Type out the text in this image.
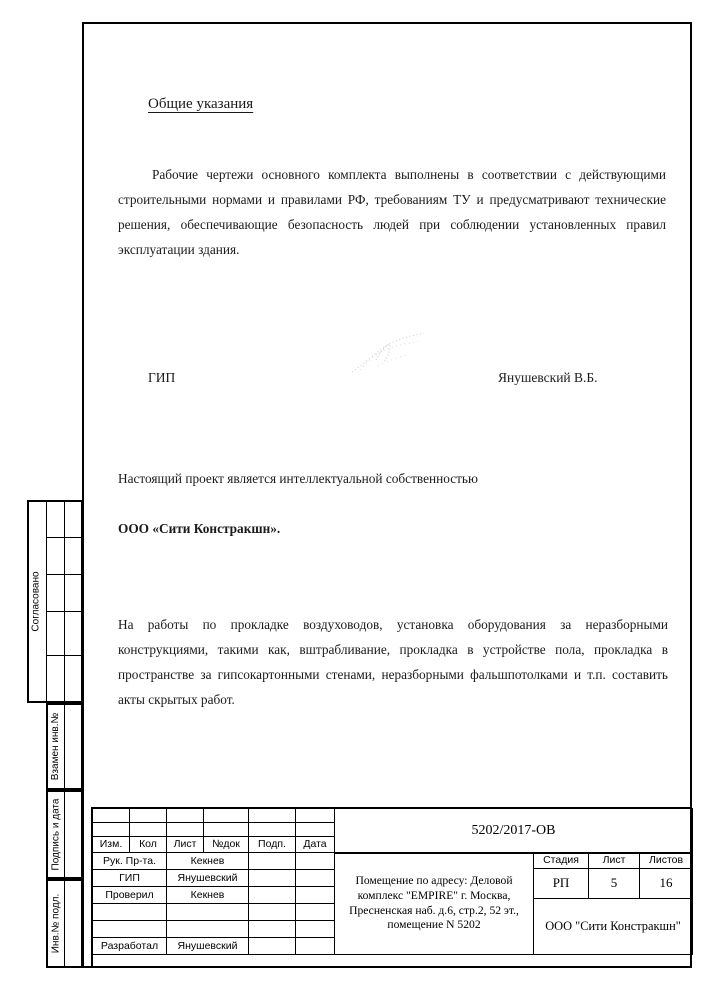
Общие указания
Рабочие чертежи основного комплекта выполнены в соответствии с действующими строительными нормами и правилами РФ, требованиям ТУ и предусматривают технические решения, обеспечивающие безопасность людей при соблюдении установленных правил эксплуатации здания.
ГИП	Янушевский В.Б.
Настоящий проект является интеллектуальной собственностью
ООО «Сити Констракшн».
На работы по прокладке воздуховодов, установка оборудования за неразборными конструкциями, такими как, вштрабливание, прокладка в устройстве пола, прокладка в пространстве за гипсокартонными стенами, неразборными фальшпотолками и т.п. составить акты скрытых работ.
Согласовано
Взамен инв.№
Подпись и дата
Инв.№ подл.
Изм.	Кол	Лист	№док	Подп.	Дата
Рук. Пр-та.	Кекнев
ГИП	Янушевский
Проверил	Кекнев
Разработал	Янушевский
5202/2017-ОВ
Помещение по адресу: Деловой комплекс "EMPIRE" г. Москва, Пресненская наб. д.6, стр.2, 52 эт., помещение N 5202
Стадия	Лист	Листов
РП	5	16
ООО "Сити Констракшн"
